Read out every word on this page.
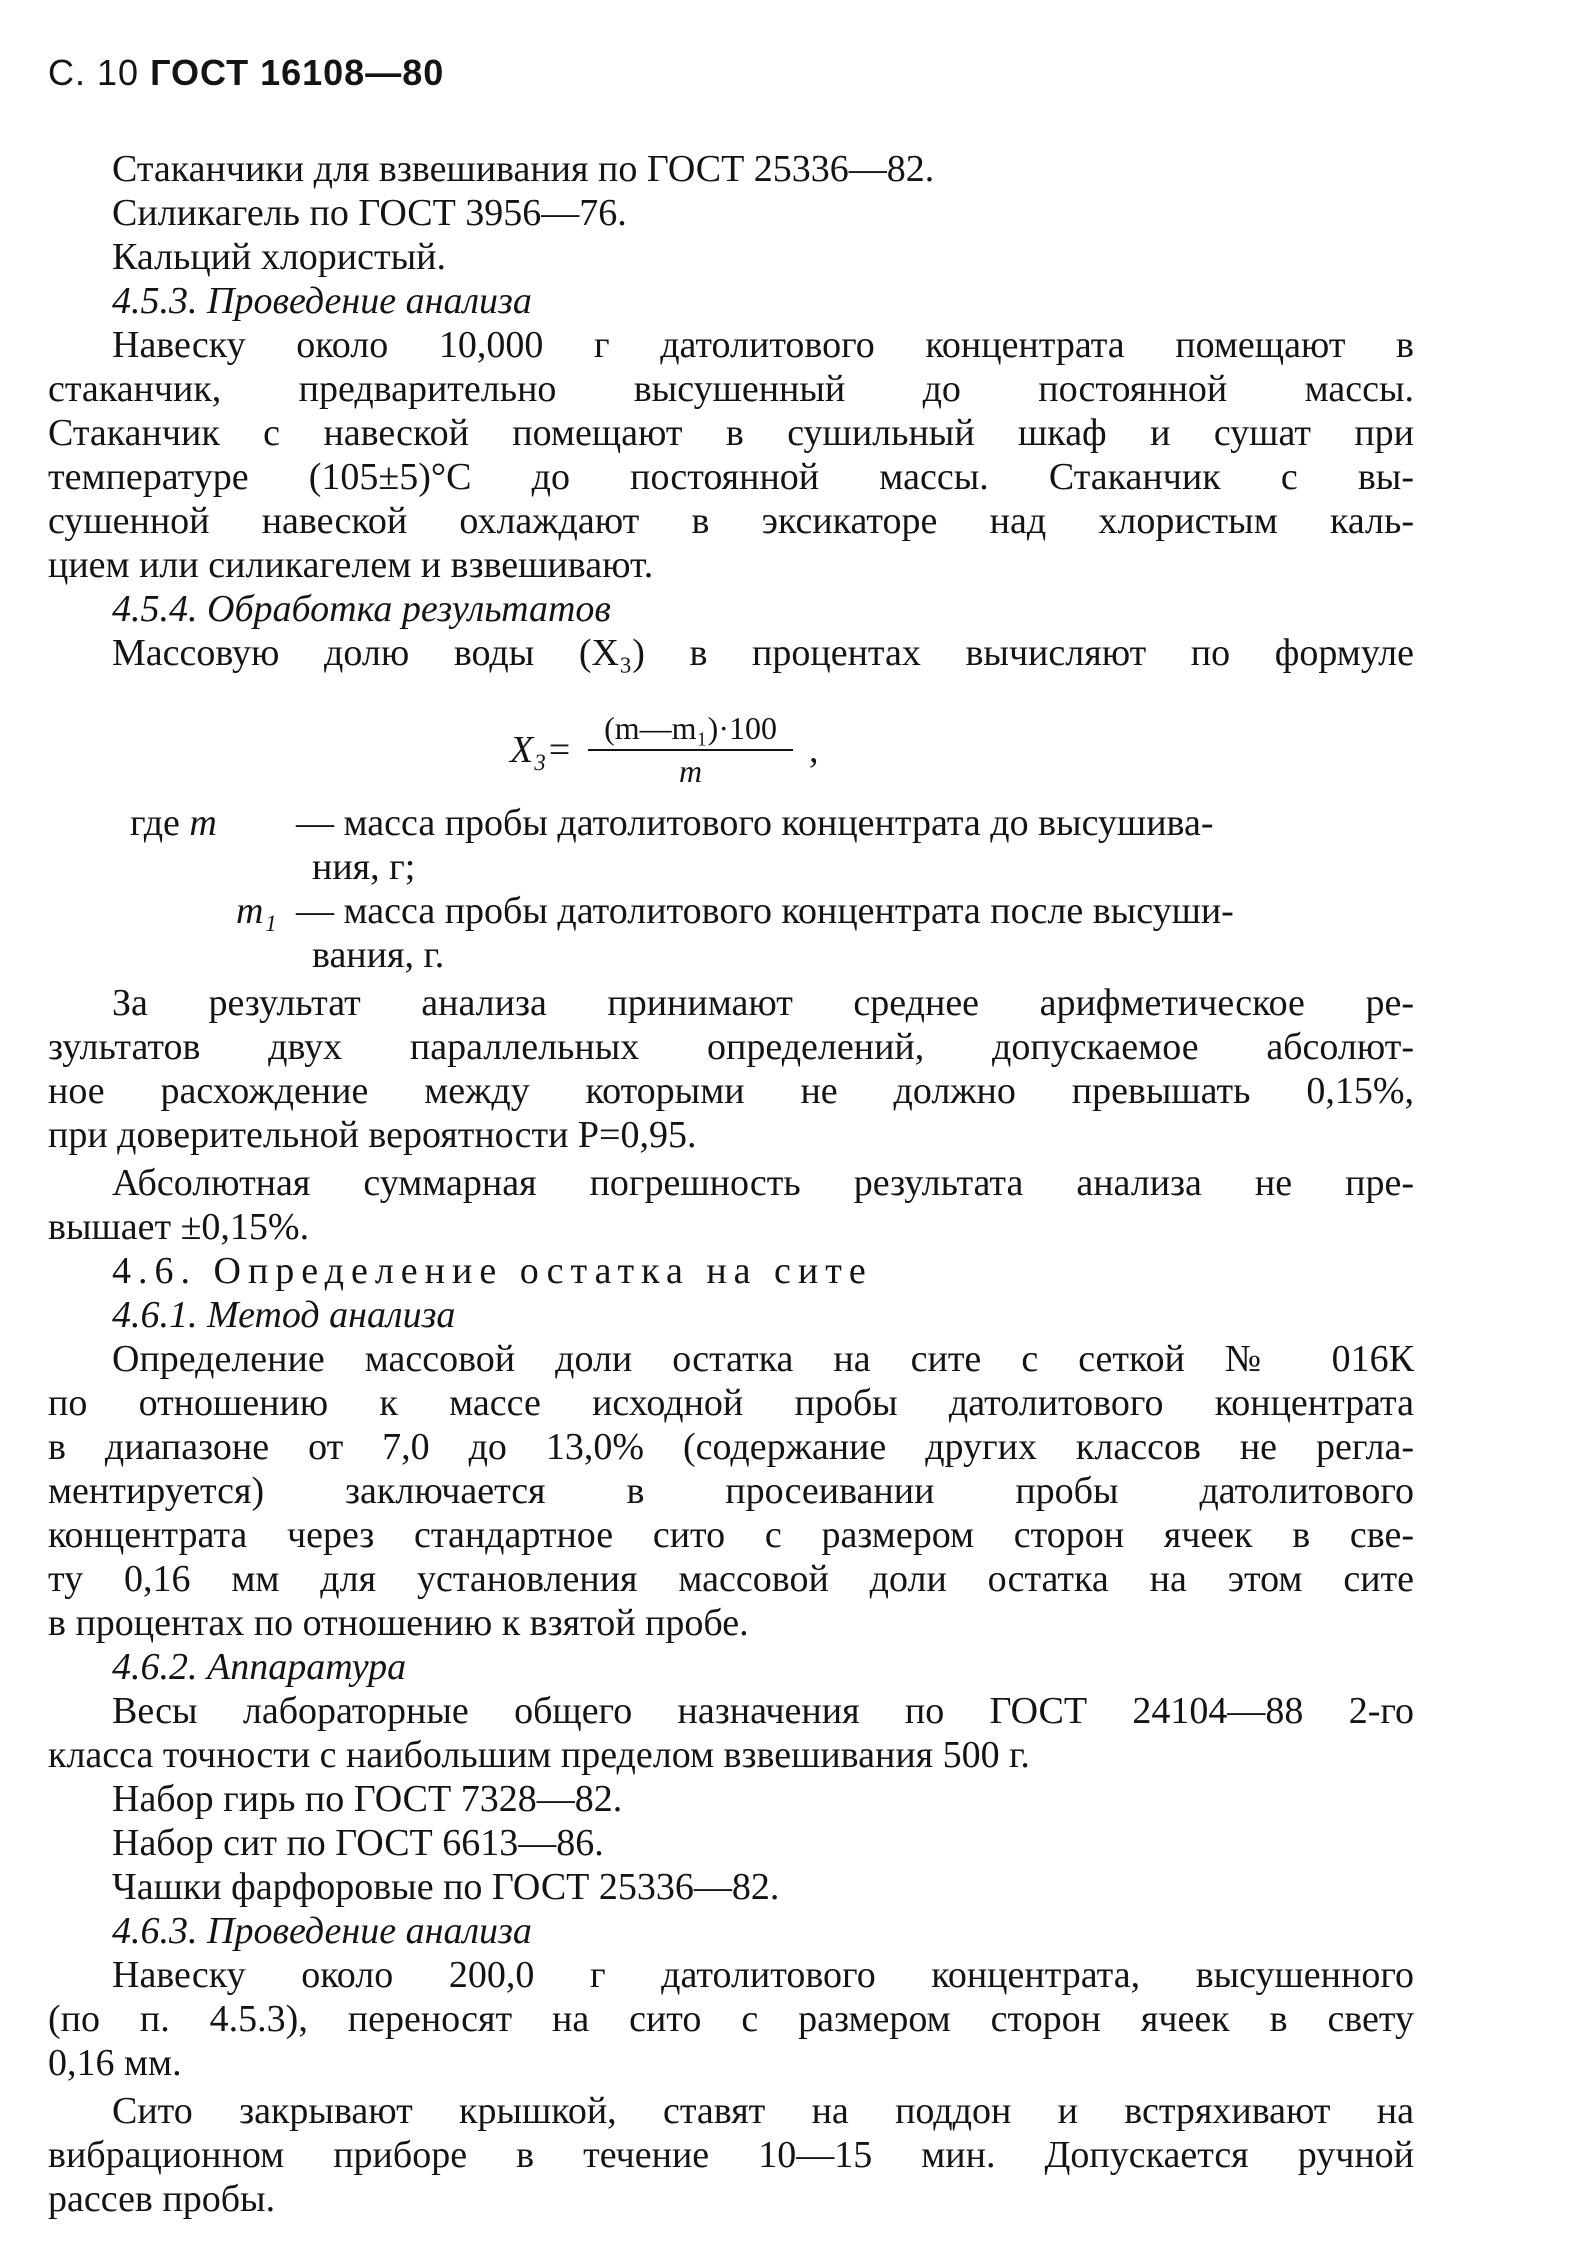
С. 10 ГОСТ 16108—80
Стаканчики для взвешивания по ГОСТ 25336—82.
Силикагель по ГОСТ 3956—76.
Кальций хлористый.
4.5.3. Проведение анализа
Навеску около 10,000 г датолитового концентрата помещают в
стаканчик, предварительно высушенный до постоянной массы.
Стаканчик с навеской помещают в сушильный шкаф и сушат при
температуре (105±5)°С до постоянной массы. Стаканчик с вы-
сушенной навеской охлаждают в эксикаторе над хлористым каль-
цием или силикагелем и взвешивают.
4.5.4. Обработка результатов
Массовую долю воды (X₃) в процентах вычисляют по формуле
$X_3= \frac{\text{(m—m₁)·100}}{m}$ ,
где m — масса пробы датолитового концентрата до высушива-
ния, г;
m₁ — масса пробы датолитового концентрата после высуши-
вания, г.
За результат анализа принимают среднее арифметическое ре-
зультатов двух параллельных определений, допускаемое абсолют-
ное расхождение между которыми не должно превышать 0,15%,
при доверительной вероятности P=0,95.
Абсолютная суммарная погрешность результата анализа не пре-
вышает ±0,15%.
4.6. Определение остатка на сите
4.6.1. Метод анализа
Определение массовой доли остатка на сите с сеткой № 016К
по отношению к массе исходной пробы датолитового концентрата
в диапазоне от 7,0 до 13,0% (содержание других классов не регла-
ментируется) заключается в просеивании пробы датолитового
концентрата через стандартное сито с размером сторон ячеек в све-
ту 0,16 мм для установления массовой доли остатка на этом сите
в процентах по отношению к взятой пробе.
4.6.2. Аппаратура
Весы лабораторные общего назначения по ГОСТ 24104—88 2-го
класса точности с наибольшим пределом взвешивания 500 г.
Набор гирь по ГОСТ 7328—82.
Набор сит по ГОСТ 6613—86.
Чашки фарфоровые по ГОСТ 25336—82.
4.6.3. Проведение анализа
Навеску около 200,0 г датолитового концентрата, высушенного
(по п. 4.5.3), переносят на сито с размером сторон ячеек в свету
0,16 мм.
Сито закрывают крышкой, ставят на поддон и встряхивают на
вибрационном приборе в течение 10—15 мин. Допускается ручной
рассев пробы.
